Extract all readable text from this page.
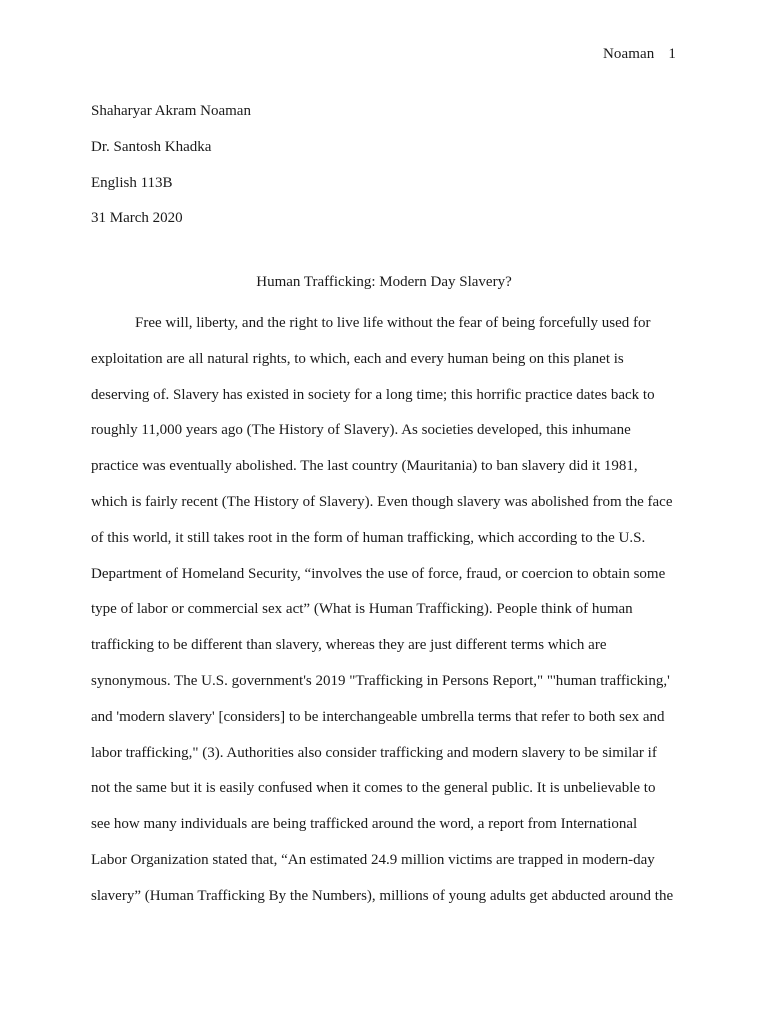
Noaman 1
Shaharyar Akram Noaman
Dr. Santosh Khadka
English 113B
31 March 2020
Human Trafficking: Modern Day Slavery?
Free will, liberty, and the right to live life without the fear of being forcefully used for
exploitation are all natural rights, to which, each and every human being on this planet is
deserving of. Slavery has existed in society for a long time; this horrific practice dates back to
roughly 11,000 years ago (The History of Slavery). As societies developed, this inhumane
practice was eventually abolished. The last country (Mauritania) to ban slavery did it 1981,
which is fairly recent (The History of Slavery). Even though slavery was abolished from the face
of this world, it still takes root in the form of human trafficking, which according to the U.S.
Department of Homeland Security, “involves the use of force, fraud, or coercion to obtain some
type of labor or commercial sex act” (What is Human Trafficking). People think of human
trafficking to be different than slavery, whereas they are just different terms which are
synonymous. The U.S. government's 2019 "Trafficking in Persons Report," "'human trafficking,'
and 'modern slavery' [considers] to be interchangeable umbrella terms that refer to both sex and
labor trafficking," (3). Authorities also consider trafficking and modern slavery to be similar if
not the same but it is easily confused when it comes to the general public. It is unbelievable to
see how many individuals are being trafficked around the word, a report from International
Labor Organization stated that, “An estimated 24.9 million victims are trapped in modern-day
slavery” (Human Trafficking By the Numbers), millions of young adults get abducted around the
